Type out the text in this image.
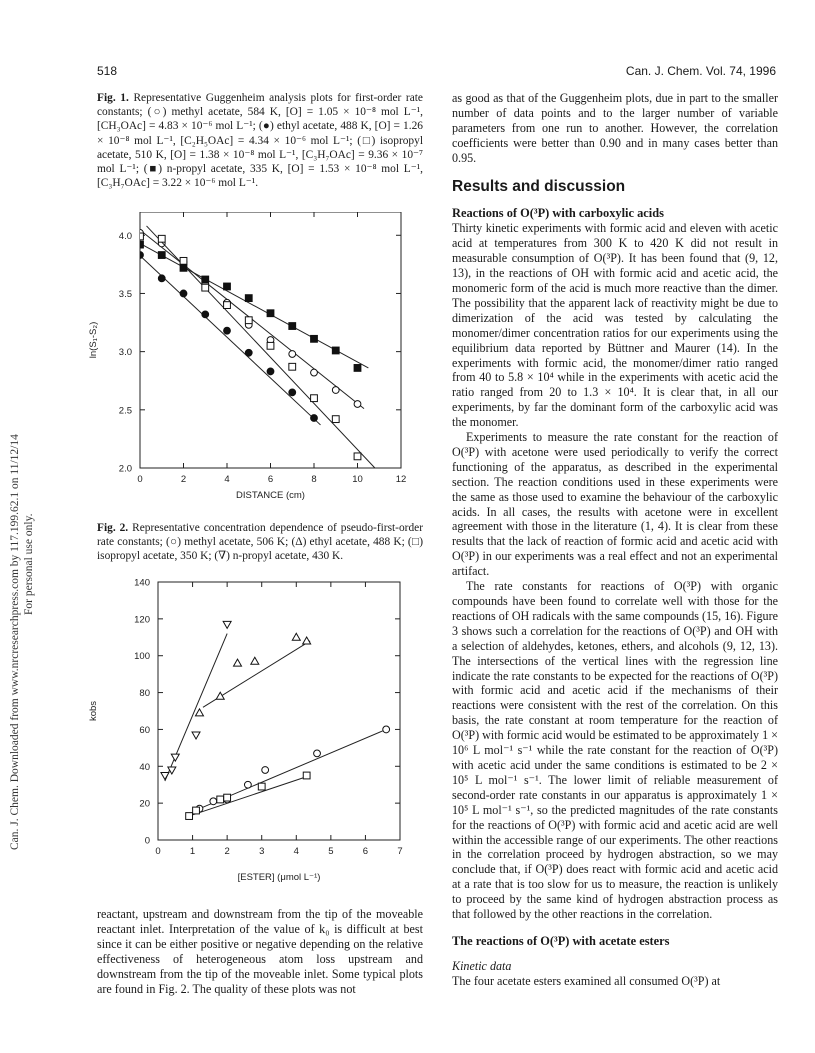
518	Can. J. Chem. Vol. 74, 1996
Can. J. Chem. Downloaded from www.nrcresearchpress.com by 117.199.62.1 on 11/12/14 For personal use only.
Fig. 1. Representative Guggenheim analysis plots for first-order rate constants; (○) methyl acetate, 584 K, [O] = 1.05 × 10⁻⁸ mol L⁻¹, [CH₃OAc] = 4.83 × 10⁻⁶ mol L⁻¹; (●) ethyl acetate, 488 K, [O] = 1.26 × 10⁻⁸ mol L⁻¹, [C₂H₅OAc] = 4.34 × 10⁻⁶ mol L⁻¹; (□) isopropyl acetate, 510 K, [O] = 1.38 × 10⁻⁸ mol L⁻¹, [C₃H₇OAc] = 9.36 × 10⁻⁷ mol L⁻¹; (■) n-propyl acetate, 335 K, [O] = 1.53 × 10⁻⁸ mol L⁻¹, [C₃H₇OAc] = 3.22 × 10⁻⁶ mol L⁻¹.
0	2	4	6	8	10	12
2.0
2.5
3.0
3.5
4.0
DISTANCE (cm)
ln(S₁-S₂)
Fig. 2. Representative concentration dependence of pseudo-first-order rate constants; (○) methyl acetate, 506 K; (Δ) ethyl acetate, 488 K; (□) isopropyl acetate, 350 K; (∇) n-propyl acetate, 430 K.
0	1	2	3	4	5	6	7
0
20
40
60
80
100
120
140
[ESTER] (μmol L⁻¹)
kobs

reactant, upstream and downstream from the tip of the moveable reactant inlet. Interpretation of the value of k₀ is difficult at best since it can be either positive or negative depending on the relative effectiveness of heterogeneous atom loss upstream and downstream from the tip of the moveable inlet. Some typical plots are found in Fig. 2. The quality of these plots was not

as good as that of the Guggenheim plots, due in part to the smaller number of data points and to the larger number of variable parameters from one run to another. However, the correlation coefficients were better than 0.90 and in many cases better than 0.95.

Results and discussion
Reactions of O(³P) with carboxylic acids

Thirty kinetic experiments with formic acid and eleven with acetic acid at temperatures from 300 K to 420 K did not result in measurable consumption of O(³P). It has been found that (9, 12, 13), in the reactions of OH with formic acid and acetic acid, the monomeric form of the acid is much more reactive than the dimer. The possibility that the apparent lack of reactivity might be due to dimerization of the acid was tested by calculating the monomer/dimer concentration ratios for our experiments using the equilibrium data reported by Büttner and Maurer (14). In the experiments with formic acid, the monomer/dimer ratio ranged from 40 to 5.8 × 10⁴ while in the experiments with acetic acid the ratio ranged from 20 to 1.3 × 10⁴. It is clear that, in all our experiments, by far the dominant form of the carboxylic acid was the monomer.

Experiments to measure the rate constant for the reaction of O(³P) with acetone were used periodically to verify the correct functioning of the apparatus, as described in the experimental section. The reaction conditions used in these experiments were the same as those used to examine the behaviour of the carboxylic acids. In all cases, the results with acetone were in excellent agreement with those in the literature (1, 4). It is clear from these results that the lack of reaction of formic acid and acetic acid with O(³P) in our experiments was a real effect and not an experimental artifact.

The rate constants for reactions of O(³P) with organic compounds have been found to correlate well with those for the reactions of OH radicals with the same compounds (15, 16). Figure 3 shows such a correlation for the reactions of O(³P) and OH with a selection of aldehydes, ketones, ethers, and alcohols (9, 12, 13). The intersections of the vertical lines with the regression line indicate the rate constants to be expected for the reactions of O(³P) with formic acid and acetic acid if the mechanisms of their reactions were consistent with the rest of the correlation. On this basis, the rate constant at room temperature for the reaction of O(³P) with formic acid would be estimated to be approximately 1 × 10⁶ L mol⁻¹ s⁻¹ while the rate constant for the reaction of O(³P) with acetic acid under the same conditions is estimated to be 2 × 10⁵ L mol⁻¹ s⁻¹. The lower limit of reliable measurement of second-order rate constants in our apparatus is approximately 1 × 10⁵ L mol⁻¹ s⁻¹, so the predicted magnitudes of the rate constants for the reactions of O(³P) with formic acid and acetic acid are well within the accessible range of our experiments. The other reactions in the correlation proceed by hydrogen abstraction, so we may conclude that, if O(³P) does react with formic acid and acetic acid at a rate that is too slow for us to measure, the reaction is unlikely to proceed by the same kind of hydrogen abstraction process as that followed by the other reactions in the correlation.

The reactions of O(³P) with acetate esters
Kinetic data

The four acetate esters examined all consumed O(³P) at
